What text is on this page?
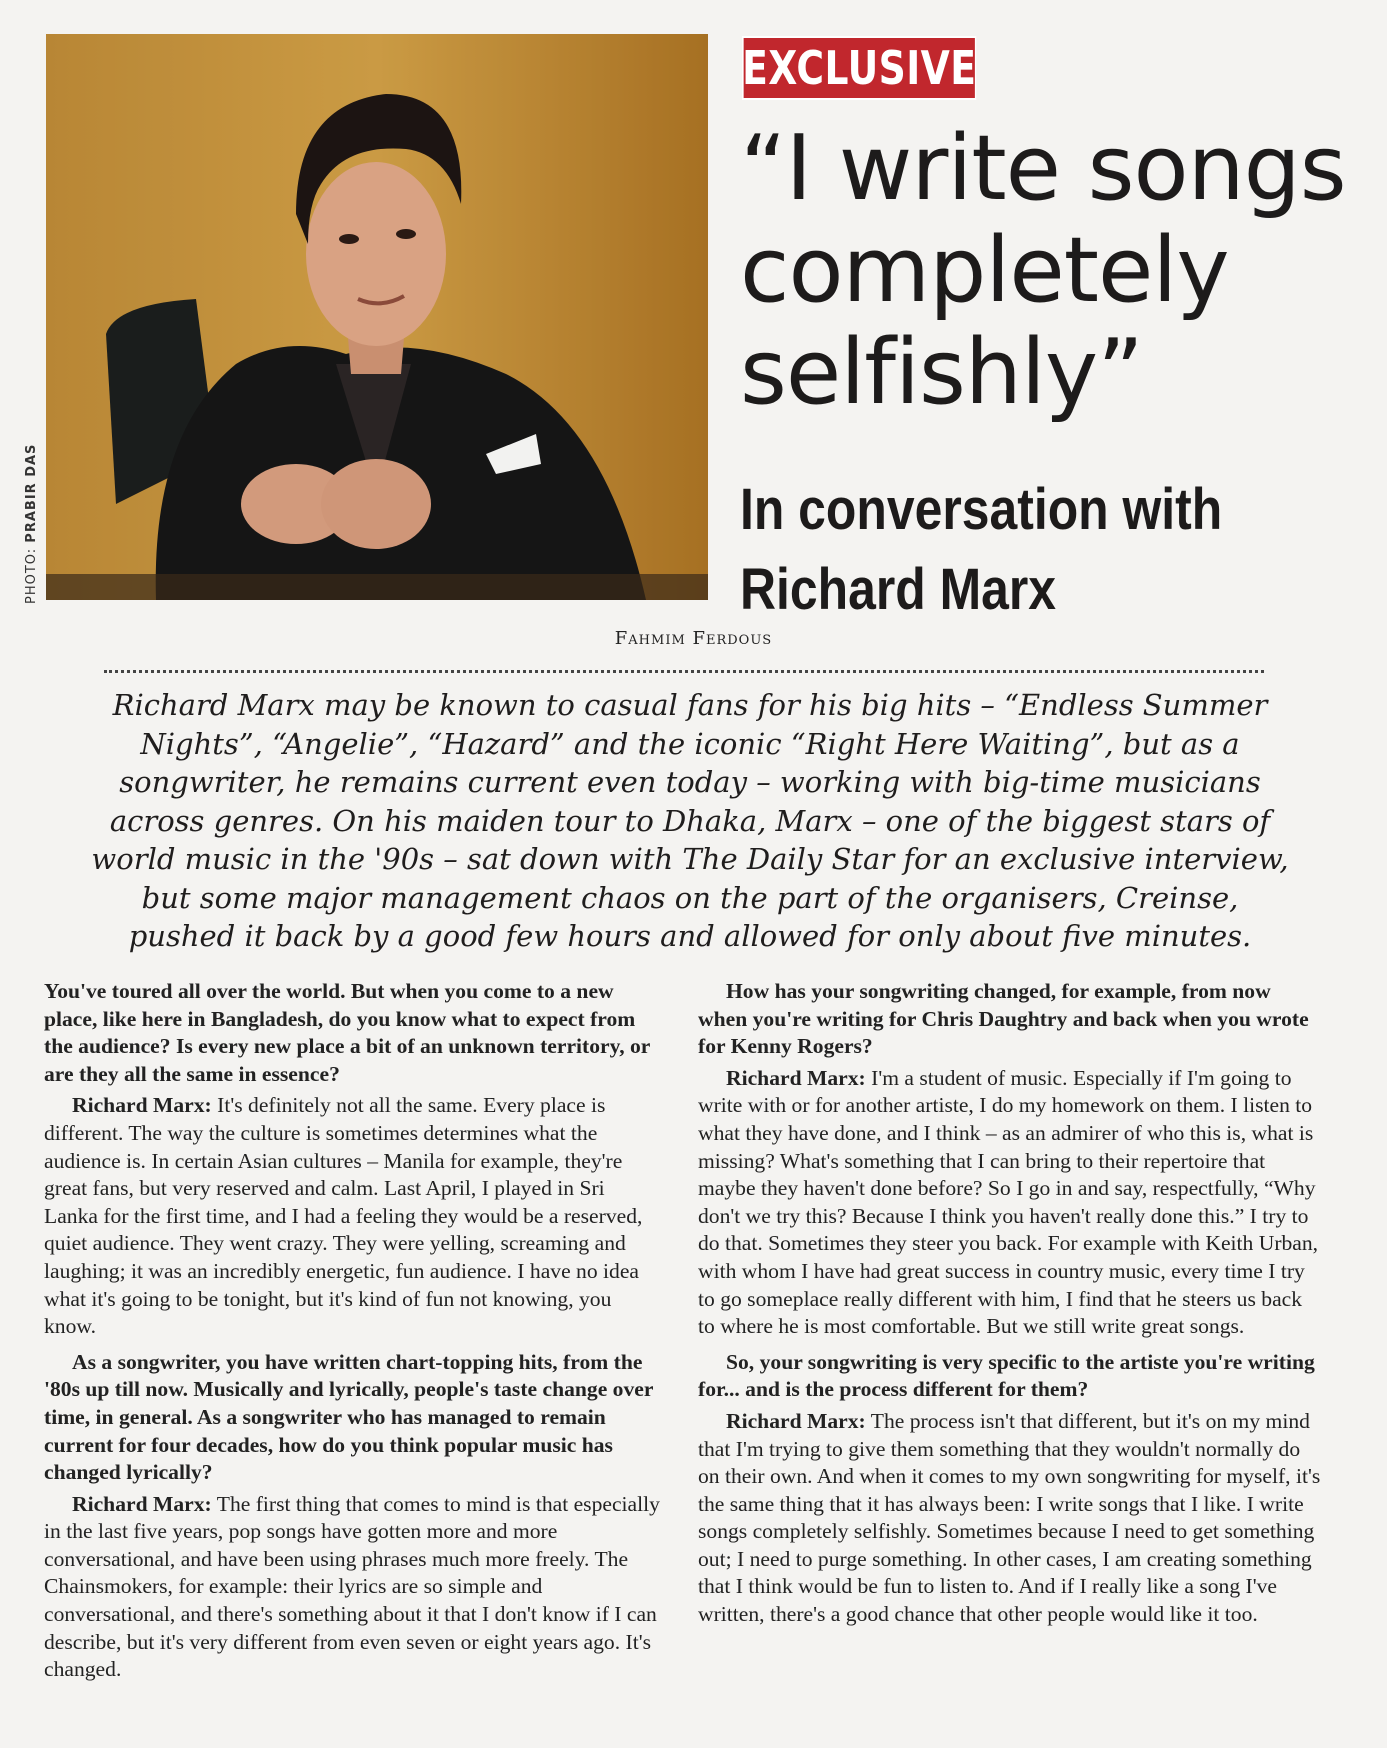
PHOTO: PRABIR DAS
EXCLUSIVE
“I write songs completely selfishly”
In conversation with Richard Marx
Fahmim Ferdous

Richard Marx may be known to casual fans for his big hits – “Endless Summer Nights”, “Angelie”, “Hazard” and the iconic “Right Here Waiting”, but as a songwriter, he remains current even today – working with big-time musicians across genres. On his maiden tour to Dhaka, Marx – one of the biggest stars of world music in the '90s – sat down with The Daily Star for an exclusive interview, but some major management chaos on the part of the organisers, Creinse, pushed it back by a good few hours and allowed for only about five minutes.

You've toured all over the world. But when you come to a new place, like here in Bangladesh, do you know what to expect from the audience? Is every new place a bit of an unknown territory, or are they all the same in essence?

Richard Marx: It's definitely not all the same. Every place is different. The way the culture is sometimes determines what the audience is. In certain Asian cultures – Manila for example, they're great fans, but very reserved and calm. Last April, I played in Sri Lanka for the first time, and I had a feeling they would be a reserved, quiet audience. They went crazy. They were yelling, screaming and laughing; it was an incredibly energetic, fun audience. I have no idea what it's going to be tonight, but it's kind of fun not knowing, you know.

As a songwriter, you have written chart-topping hits, from the '80s up till now. Musically and lyrically, people's taste change over time, in general. As a songwriter who has managed to remain current for four decades, how do you think popular music has changed lyrically?

Richard Marx: The first thing that comes to mind is that especially in the last five years, pop songs have gotten more and more conversational, and have been using phrases much more freely. The Chainsmokers, for example: their lyrics are so simple and conversational, and there's something about it that I don't know if I can describe, but it's very different from even seven or eight years ago. It's changed.

How has your songwriting changed, for example, from now when you're writing for Chris Daughtry and back when you wrote for Kenny Rogers?

Richard Marx: I'm a student of music. Especially if I'm going to write with or for another artiste, I do my homework on them. I listen to what they have done, and I think – as an admirer of who this is, what is missing? What's something that I can bring to their repertoire that maybe they haven't done before? So I go in and say, respectfully, “Why don't we try this? Because I think you haven't really done this.” I try to do that. Sometimes they steer you back. For example with Keith Urban, with whom I have had great success in country music, every time I try to go someplace really different with him, I find that he steers us back to where he is most comfortable. But we still write great songs.

So, your songwriting is very specific to the artiste you're writing for... and is the process different for them?

Richard Marx: The process isn't that different, but it's on my mind that I'm trying to give them something that they wouldn't normally do on their own. And when it comes to my own songwriting for myself, it's the same thing that it has always been: I write songs that I like. I write songs completely selfishly. Sometimes because I need to get something out; I need to purge something. In other cases, I am creating something that I think would be fun to listen to. And if I really like a song I've written, there's a good chance that other people would like it too.
